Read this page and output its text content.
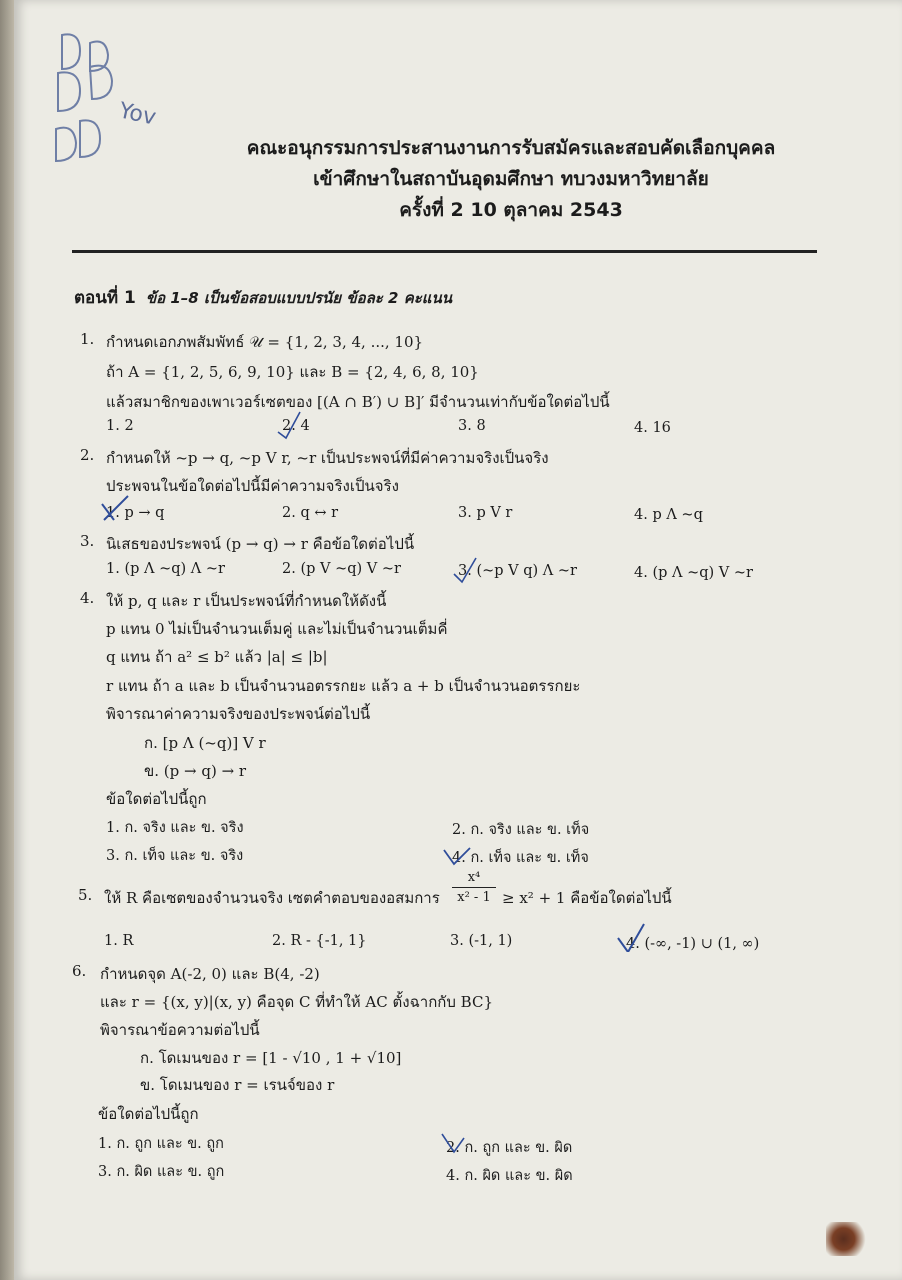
Yov
คณะอนุกรรมการประสานงานการรับสมัครและสอบคัดเลือกบุคคล
เข้าศึกษาในสถาบันอุดมศึกษา ทบวงมหาวิทยาลัย
ครั้งที่ 2 10 ตุลาคม 2543
ตอนที่ 1 ข้อ 1–8 เป็นข้อสอบแบบปรนัย ข้อละ 2 คะแนน
1. กำหนดเอกภพสัมพัทธ์ 𝒰 = {1, 2, 3, 4, ..., 10}
ถ้า A = {1, 2, 5, 6, 9, 10} และ B = {2, 4, 6, 8, 10}
แล้วสมาชิกของเพาเวอร์เซตของ [(A ∩ B′) ∪ B]′ มีจำนวนเท่ากับข้อใดต่อไปนี้
1. 2	2. 4	3. 8	4. 16
2. กำหนดให้ ~p → q, ~p V r, ~r เป็นประพจน์ที่มีค่าความจริงเป็นจริง
ประพจนในข้อใดต่อไปนี้มีค่าความจริงเป็นจริง
1. p → q	2. q ↔ r	3. p V r	4. p Λ ~q
3. นิเสธของประพจน์ (p → q) → r คือข้อใดต่อไปนี้
1. (p Λ ~q) Λ ~r	2. (p V ~q) V ~r	3. (~p V q) Λ ~r	4. (p Λ ~q) V ~r
4. ให้ p, q และ r เป็นประพจน์ที่กำหนดให้ดังนี้
p แทน 0 ไม่เป็นจำนวนเต็มคู่ และไม่เป็นจำนวนเต็มคี่
q แทน ถ้า a² ≤ b² แล้ว |a| ≤ |b|
r แทน ถ้า a และ b เป็นจำนวนอตรรกยะ แล้ว a + b เป็นจำนวนอตรรกยะ
พิจารณาค่าความจริงของประพจน์ต่อไปนี้
ก. [p Λ (~q)] V r
ข. (p → q) → r
ข้อใดต่อไปนี้ถูก
1. ก. จริง และ ข. จริง	2. ก. จริง และ ข. เท็จ
3. ก. เท็จ และ ข. จริง	4. ก. เท็จ และ ข. เท็จ
5. ให้ R คือเซตของจำนวนจริง เซตคำตอบของอสมการ
x⁴
x² - 1 ≥ x² + 1 คือข้อใดต่อไปนี้
1. R	2. R - {-1, 1}	3. (-1, 1)	4. (-∞, -1) ∪ (1, ∞)
6. กำหนดจุด A(-2, 0) และ B(4, -2)
และ r = {(x, y)|(x, y) คือจุด C ที่ทำให้ AC ตั้งฉากกับ BC}
พิจารณาข้อความต่อไปนี้
ก. โดเมนของ r = [1 - √10 , 1 + √10]
ข. โดเมนของ r = เรนจ์ของ r
ข้อใดต่อไปนี้ถูก
1. ก. ถูก และ ข. ถูก	2. ก. ถูก และ ข. ผิด
3. ก. ผิด และ ข. ถูก	4. ก. ผิด และ ข. ผิด
